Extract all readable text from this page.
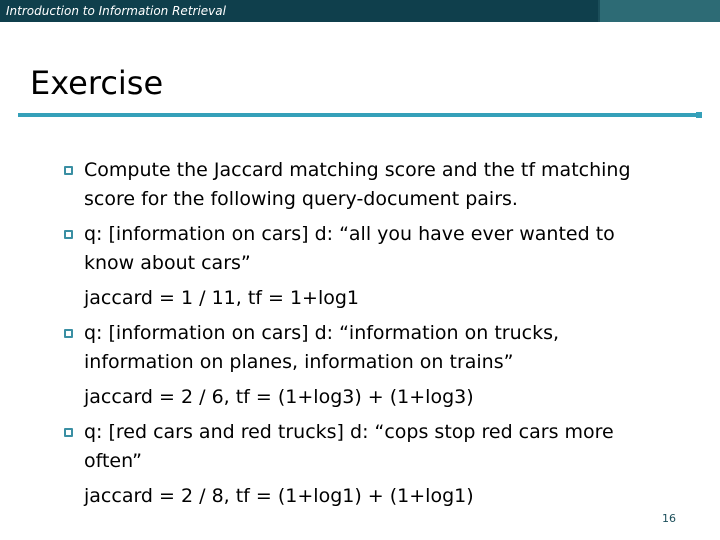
Introduction to Information Retrieval
Exercise
Compute the Jaccard matching score and the tf matching
score for the following query-document pairs.
q: [information on cars] d: “all you have ever wanted to
know about cars”
jaccard = 1 / 11, tf = 1+log1
q: [information on cars] d: “information on trucks,
information on planes, information on trains”
jaccard = 2 / 6, tf = (1+log3) + (1+log3)
q: [red cars and red trucks] d: “cops stop red cars more
often”
jaccard = 2 / 8, tf = (1+log1) + (1+log1)
16
